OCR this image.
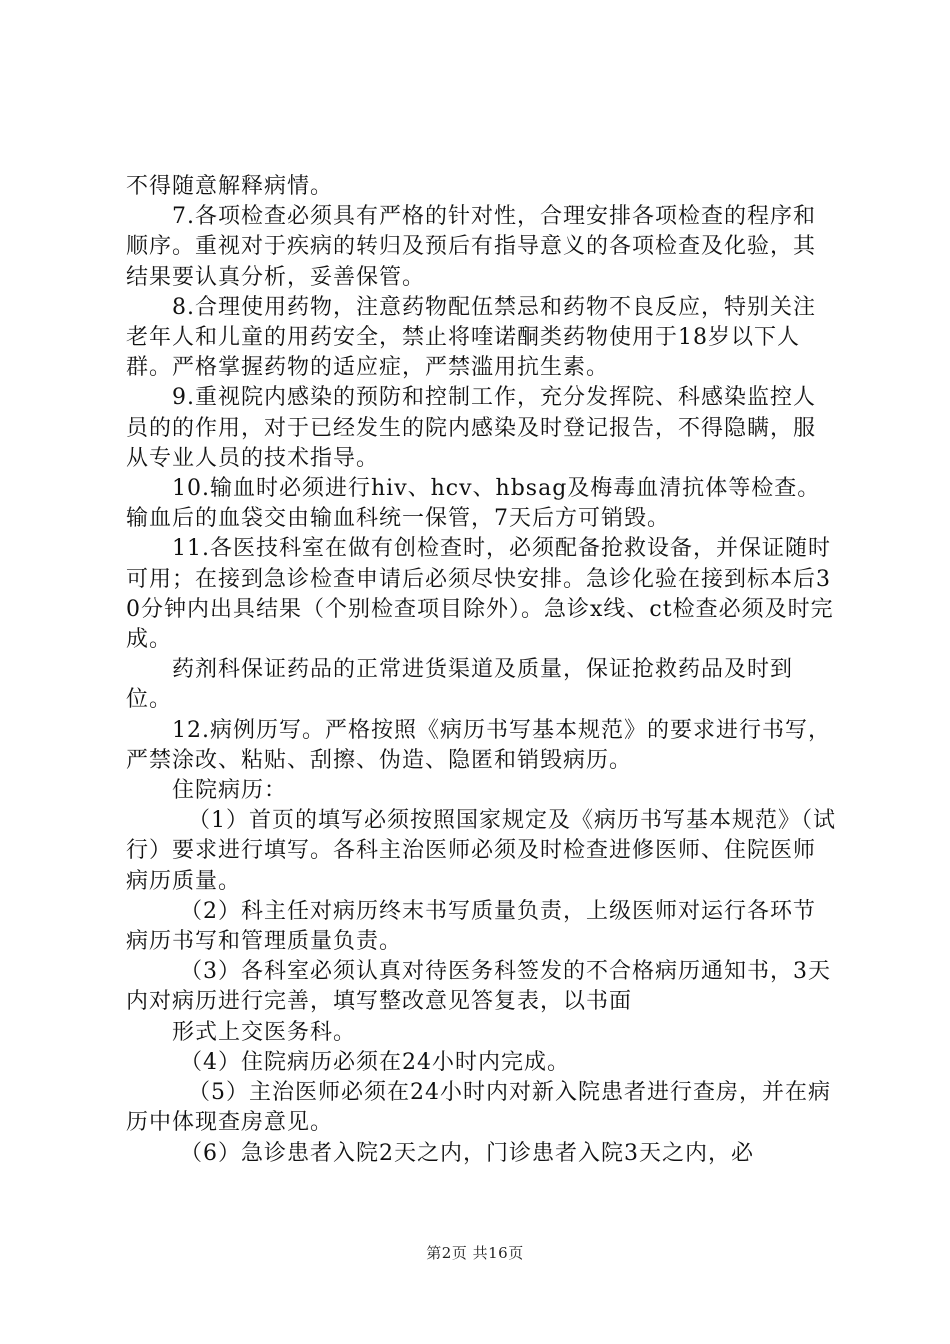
不得随意解释病情。

7.各项检查必须具有严格的针对性，合理安排各项检查的程序和顺序。重视对于疾病的转归及预后有指导意义的各项检查及化验，其结果要认真分析，妥善保管。

8.合理使用药物，注意药物配伍禁忌和药物不良反应，特别关注老年人和儿童的用药安全，禁止将喹诺酮类药物使用于18岁以下人群。严格掌握药物的适应症，严禁滥用抗生素。

9.重视院内感染的预防和控制工作，充分发挥院、科感染监控人员的的作用，对于已经发生的院内感染及时登记报告，不得隐瞒，服从专业人员的技术指导。

10.输血时必须进行hiv、hcv、hbsag及梅毒血清抗体等检查。输血后的血袋交由输血科统一保管，7天后方可销毁。

11.各医技科室在做有创检查时，必须配备抢救设备，并保证随时可用；在接到急诊检查申请后必须尽快安排。急诊化验在接到标本后30分钟内出具结果（个别检查项目除外）。急诊x线、ct检查必须及时完成。

药剂科保证药品的正常进货渠道及质量，保证抢救药品及时到位。

12.病例历写。严格按照《病历书写基本规范》的要求进行书写，严禁涂改、粘贴、刮擦、伪造、隐匿和销毁病历。

住院病历：

（1）首页的填写必须按照国家规定及《病历书写基本规范》（试行）要求进行填写。各科主治医师必须及时检查进修医师、住院医师病历质量。

（2）科主任对病历终末书写质量负责，上级医师对运行各环节病历书写和管理质量负责。

（3）各科室必须认真对待医务科签发的不合格病历通知书，3天内对病历进行完善，填写整改意见答复表，以书面

形式上交医务科。

（4）住院病历必须在24小时内完成。

（5）主治医师必须在24小时内对新入院患者进行查房，并在病历中体现查房意见。

（6）急诊患者入院2天之内，门诊患者入院3天之内，必

第2页 共16页
